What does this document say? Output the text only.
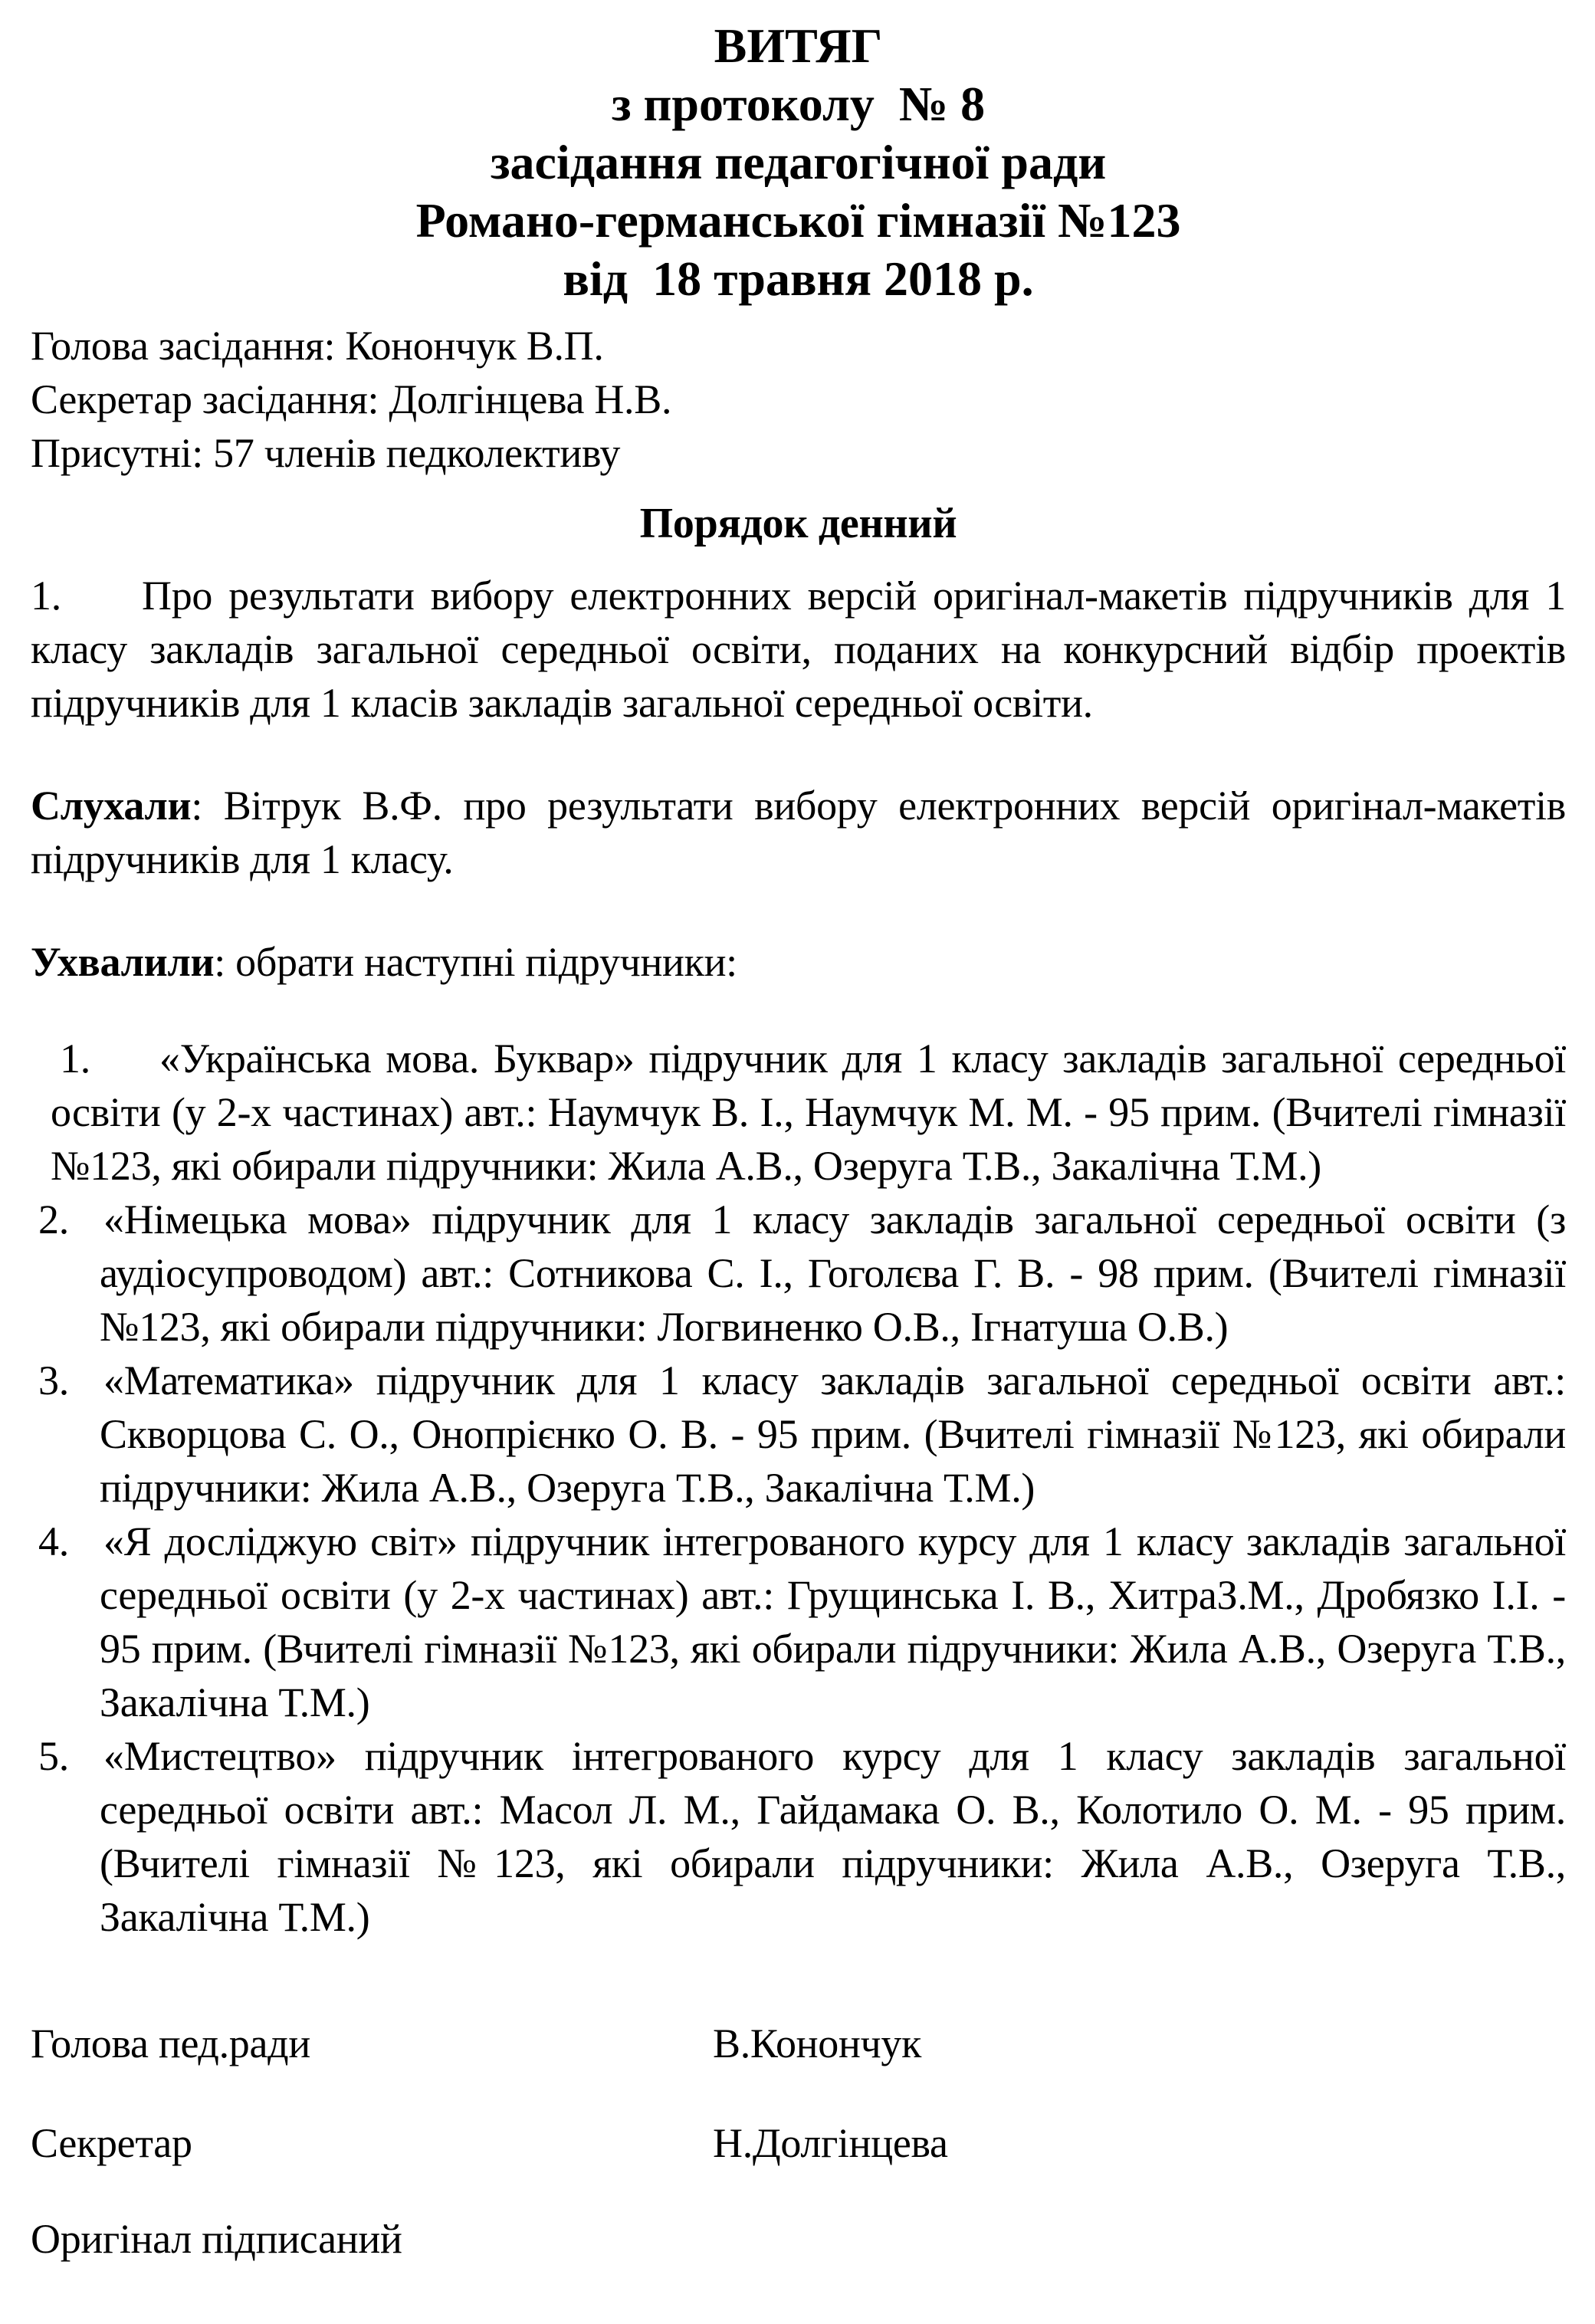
ВИТЯГ
з протоколу  № 8
засідання педагогічної ради
Романо-германської гімназії №123
від  18 травня 2018 р.

Голова засідання: Конончук В.П.

Секретар засідання: Долгінцева Н.В.

Присутні: 57 членів педколективу

Порядок денний

1. Про результати вибору електронних версій оригінал-макетів підручників для 1 класу закладів загальної середньої освіти, поданих на конкурсний відбір проектів підручників для 1 класів закладів загальної середньої освіти.

Слухали: Вітрук В.Ф. про результати вибору електронних версій оригінал-макетів підручників для 1 класу.

Ухвалили: обрати наступні підручники:

1. «Українська мова. Буквар» підручник для 1 класу закладів загальної середньої освіти (у 2-х частинах) авт.: Наумчук В. І., Наумчук М. М. - 95 прим. (Вчителі гімназії №123, які обирали підручники: Жила А.В., Озеруга Т.В., Закалічна Т.М.)

2. «Німецька мова» підручник для 1 класу закладів загальної середньої освіти (з аудіосупроводом) авт.: Сотникова С. І., Гоголєва Г. В. - 98 прим. (Вчителі гімназії №123, які обирали підручники: Логвиненко О.В., Ігнатуша О.В.)

3. «Математика» підручник для 1 класу закладів загальної середньої освіти авт.: Скворцова С. О., Онопрієнко О. В. - 95 прим. (Вчителі гімназії №123, які обирали підручники: Жила А.В., Озеруга Т.В., Закалічна Т.М.)

4. «Я досліджую світ» підручник інтегрованого курсу для 1 класу закладів загальної середньої освіти (у 2-х частинах) авт.: Грущинська І. В., ХитраЗ.М., Дробязко І.І. - 95 прим. (Вчителі гімназії №123, які обирали підручники: Жила А.В., Озеруга Т.В., Закалічна Т.М.)

5. «Мистецтво» підручник інтегрованого курсу для 1 класу закладів загальної середньої освіти авт.: Масол Л. М., Гайдамака О. В., Колотило О. М. - 95 прим. (Вчителі гімназії №123, які обирали підручники: Жила А.В., Озеруга Т.В., Закалічна Т.М.)

Голова пед.ради	В.Конончук
Секретар	Н.Долгінцева

Оригінал підписаний
